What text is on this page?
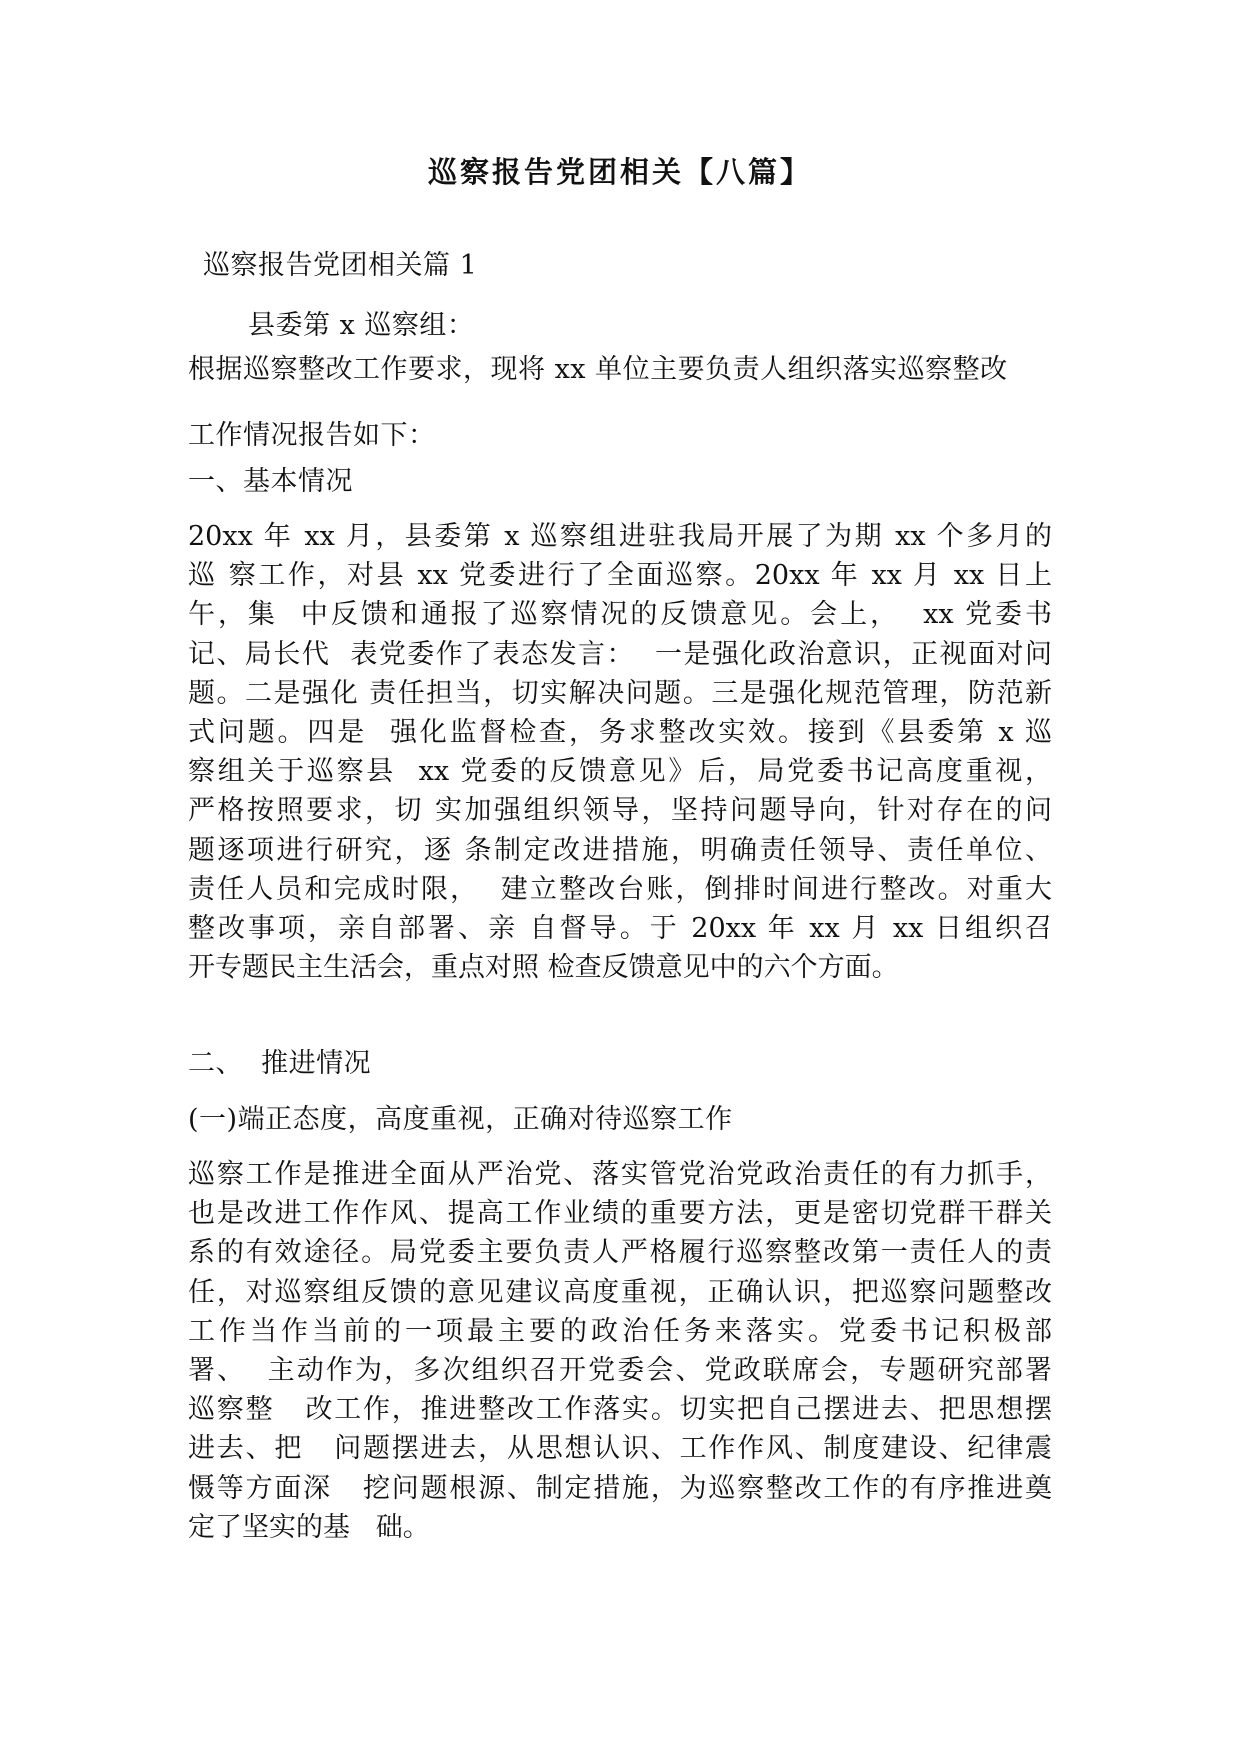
巡察报告党团相关【八篇】
巡察报告党团相关篇 1
县委第 x 巡察组：
根据巡察整改工作要求，现将 xx 单位主要负责人组织落实巡察整改
工作情况报告如下：
一、基本情况
20xx 年 xx 月，县委第 x 巡察组进驻我局开展了为期 xx 个多月的
巡 察工作，对县 xx 党委进行了全面巡察。20xx 年 xx 月 xx 日上
午，集  中反馈和通报了巡察情况的反馈意见。会上，  xx 党委书
记、局长代  表党委作了表态发言：  一是强化政治意识，正视面对问
题。二是强化 责任担当，切实解决问题。三是强化规范管理，防范新
式问题。四是  强化监督检查，务求整改实效。接到《县委第 x 巡
察组关于巡察县  xx 党委的反馈意见》后，局党委书记高度重视，
严格按照要求，切 实加强组织领导，坚持问题导向，针对存在的问
题逐项进行研究，逐 条制定改进措施，明确责任领导、责任单位、
责任人员和完成时限，  建立整改台账，倒排时间进行整改。对重大
整改事项，亲自部署、亲 自督导。于 20xx 年 xx 月 xx 日组织召
开专题民主生活会，重点对照 检查反馈意见中的六个方面。
二、  推进情况
(一)端正态度，高度重视，正确对待巡察工作
巡察工作是推进全面从严治党、落实管党治党政治责任的有力抓手，
也是改进工作作风、提高工作业绩的重要方法，更是密切党群干群关
系的有效途径。局党委主要负责人严格履行巡察整改第一责任人的责
任，对巡察组反馈的意见建议高度重视，正确认识，把巡察问题整改
工作当作当前的一项最主要的政治任务来落实。党委书记积极部
署、  主动作为，多次组织召开党委会、党政联席会，专题研究部署
巡察整   改工作，推进整改工作落实。切实把自己摆进去、把思想摆
进去、把   问题摆进去，从思想认识、工作作风、制度建设、纪律震
慑等方面深   挖问题根源、制定措施，为巡察整改工作的有序推进奠
定了坚实的基   础。
